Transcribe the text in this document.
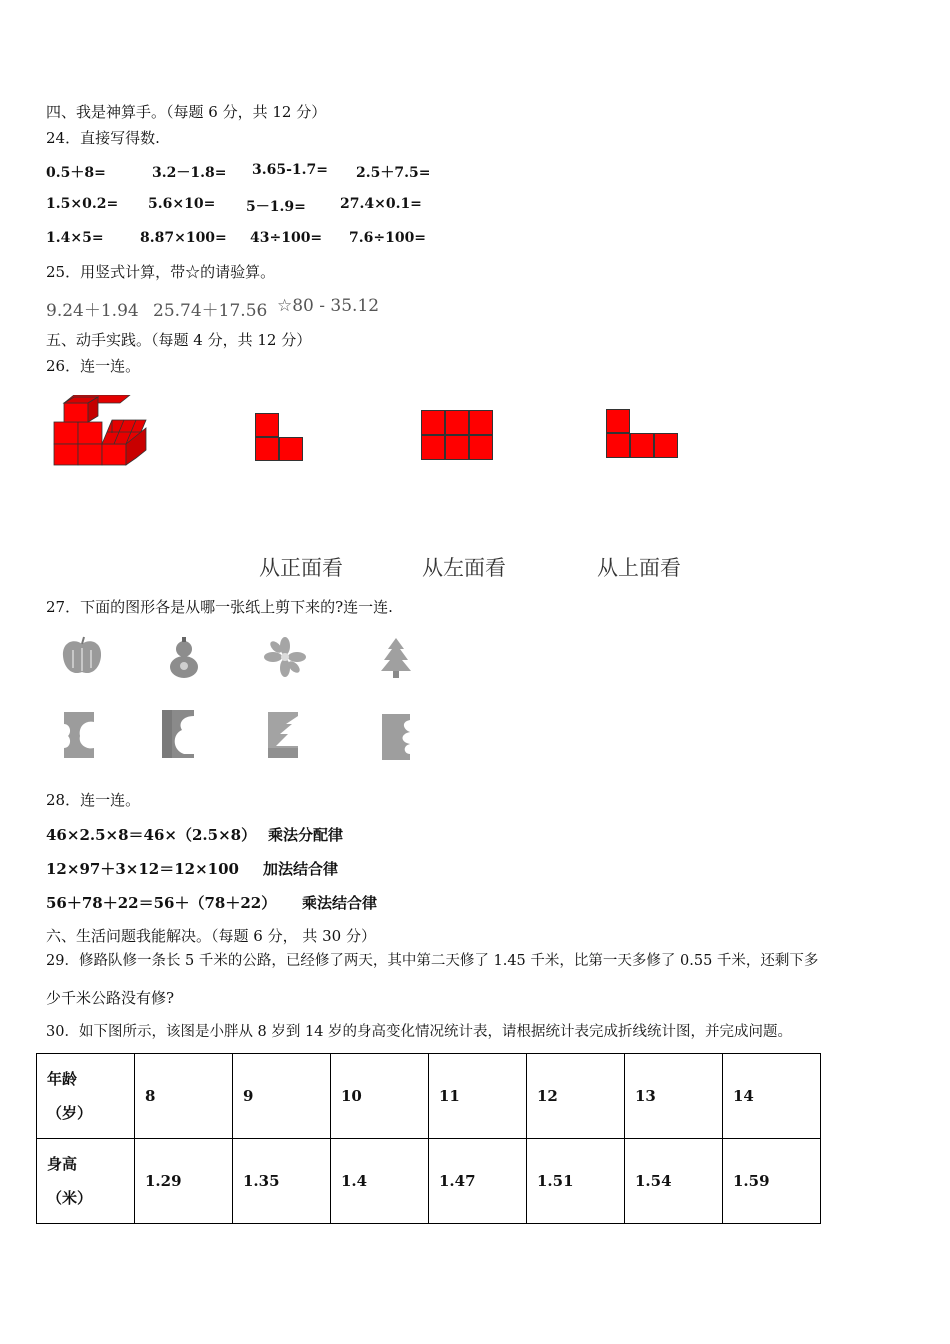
四、我是神算手。（每题 6 分，共 12 分）
24．直接写得数.
0.5＋8=	3.2－1.8= 3.65-1.7= 2.5＋7.5=
1.5×0.2= 5.6×10= 5－1.9= 27.4×0.1=
1.4×5=	8.87×100= 43÷100= 7.6÷100=
25．用竖式计算，带☆的请验算。
9.24＋1.94 25.74＋17.56 ☆80 - 35.12
五、动手实践。（每题 4 分，共 12 分）
26．连一连。
从正面看	从左面看	从上面看
27．下面的图形各是从哪一张纸上剪下来的?连一连.
28．连一连。
46×2.5×8＝46×（2.5×8） 乘法分配律
12×97＋3×12＝12×100 加法结合律
56＋78＋22＝56＋（78＋22） 乘法结合律
六、生活问题我能解决。（每题 6 分， 共 30 分）
29．修路队修一条长 5 千米的公路，已经修了两天，其中第二天修了 1.45 千米，比第一天多修了 0.55 千米，还剩下多
少千米公路没有修?
30．如下图所示，该图是小胖从 8 岁到 14 岁的身高变化情况统计表，请根据统计表完成折线统计图，并完成问题。
年龄
（岁）	8	9	10	11	12	13	14

身高
（米）	1.29	1.35	1.4	1.47	1.51	1.54	1.59
